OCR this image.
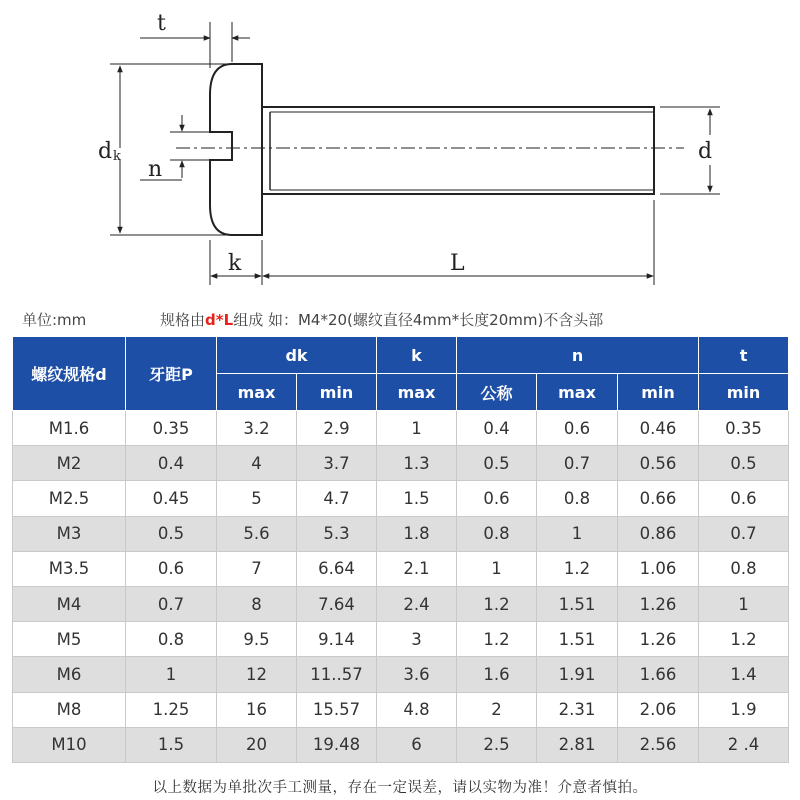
t
d k
n
d
k	L
单位:mm	规格由d*L组成 如：M4*20(螺纹直径4mm*长度20mm)不含头部
螺纹规格d	牙距P	dk		k	n			t
		max	min	max	公称	max	min	min
M1.6	0.35	3.2	2.9	1	0.4	0.6	0.46	0.35
M2	0.4	4	3.7	1.3	0.5	0.7	0.56	0.5
M2.5	0.45	5	4.7	1.5	0.6	0.8	0.66	0.6
M3	0.5	5.6	5.3	1.8	0.8	1	0.86	0.7
M3.5	0.6	7	6.64	2.1	1	1.2	1.06	0.8
M4	0.7	8	7.64	2.4	1.2	1.51	1.26	1
M5	0.8	9.5	9.14	3	1.2	1.51	1.26	1.2
M6	1	12	11..57	3.6	1.6	1.91	1.66	1.4
M8	1.25	16	15.57	4.8	2	2.31	2.06	1.9
M10	1.5	20	19.48	6	2.5	2.81	2.56	2 .4
以上数据为单批次手工测量，存在一定误差，请以实物为准！介意者慎拍。
